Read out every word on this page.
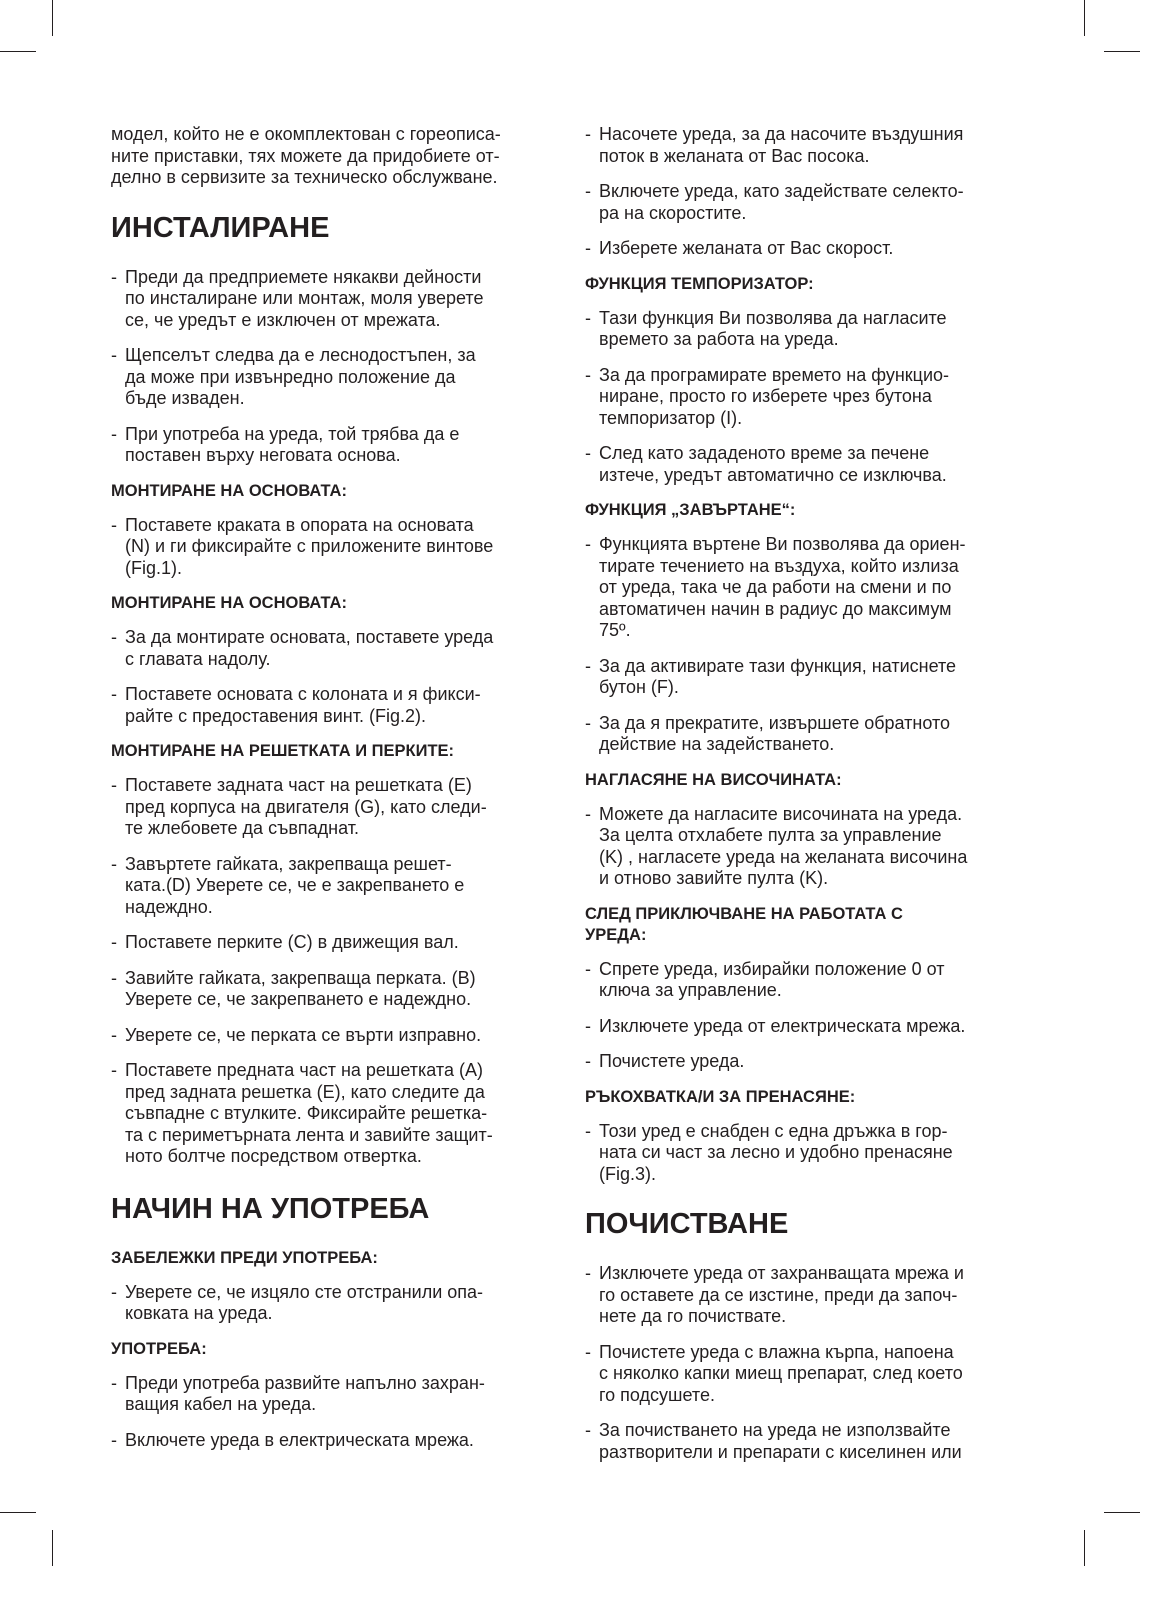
модел, който не е окомплектован с гореописа-
ните приставки, тях можете да придобиете от-
делно в сервизите за техническо обслужване.

ИНСТАЛИРАНЕ
- Преди да предприемете някакви дейности
по инсталиране или монтаж, моля уверете
се, че уредът е изключен от мрежата.
- Щепселът следва да е леснодостъпен, за
да може при извънредно положение да
бъде изваден.
- При употреба на уреда, той трябва да е
поставен върху неговата основа.
МОНТИРАНЕ НА ОСНОВАТА:
- Поставете краката в опората на основата
(N) и ги фиксирайте с приложените винтове
(Fig.1).
МОНТИРАНЕ НА ОСНОВАТА:
- За да монтирате основата, поставете уреда
с главата надолу.
- Поставете основата с колоната и я фикси-
райте с предоставения винт. (Fig.2).
МОНТИРАНЕ НА РЕШЕТКАТА И ПЕРКИТЕ:
- Поставете задната част на решетката (E)
пред корпуса на двигателя (G), като следи-
те жлебовете да съвпаднат.
- Завъртете гайката, закрепваща решет-
ката.(D) Уверете се, че е закрепването е
надеждно.
- Поставете перките (C) в движещия вал.
- Завийте гайката, закрепваща перката. (B)
Уверете се, че закрепването е надеждно.
- Уверете се, че перката се върти изправно.
- Поставете предната част на решетката (A)
пред задната решетка (E), като следите да
съвпадне с втулките. Фиксирайте решетка-
та с периметърната лента и завийте защит-
ното болтче посредством отвертка.
НАЧИН НА УПОТРЕБА
ЗАБЕЛЕЖКИ ПРЕДИ УПОТРЕБА:
- Уверете се, че изцяло сте отстранили опа-
ковката на уреда.
УПОТРЕБА:
- Преди употреба развийте напълно захран-
ващия кабел на уреда.
- Включете уреда в електрическата мрежа.
- Насочете уреда, за да насочите въздушния
поток в желаната от Вас посока.
- Включете уреда, като задействате селекто-
ра на скоростите.
- Изберете желаната от Вас скорост.
ФУНКЦИЯ ТЕМПОРИЗАТОР:
- Тази функция Ви позволява да нагласите
времето за работа на уреда.
- За да програмирате времето на функцио-
ниране, просто го изберете чрез бутона
темпоризатор (I).
- След като зададеното време за печене
изтече, уредът автоматично се изключва.
ФУНКЦИЯ „ЗАВЪРТАНЕ“:
- Функцията въртене Ви позволява да ориен-
тирате течението на въздуха, който излиза
от уреда, така че да работи на смени и по
автоматичен начин в радиус до максимум
75º.
- За да активирате тази функция, натиснете
бутон (F).
- За да я прекратите, извършете обратното
действие на задействането.
НАГЛАСЯНЕ НА ВИСОЧИНАТА:
- Можете да нагласите височината на уреда.
За целта отхлабете пулта за управление
(K) , нагласете уреда на желаната височина
и отново завийте пулта (K).
СЛЕД ПРИКЛЮЧВАНЕ НА РАБОТАТА С
УРЕДА:
- Спрете уреда, избирайки положение 0 от
ключа за управление.
- Изключете уреда от електрическата мрежа.
- Почистете уреда.
РЪКОХВАТКА/И ЗА ПРЕНАСЯНЕ:
- Този уред е снабден с една дръжка в гор-
ната си част за лесно и удобно пренасяне
(Fig.3).
ПОЧИСТВАНЕ
- Изключете уреда от захранващата мрежа и
го оставете да се изстине, преди да започ-
нете да го почиствате.
- Почистете уреда с влажна кърпа, напоена
с няколко капки миещ препарат, след което
го подсушете.
- За почистването на уреда не използвайте
разтворители и препарати с киселинен или
